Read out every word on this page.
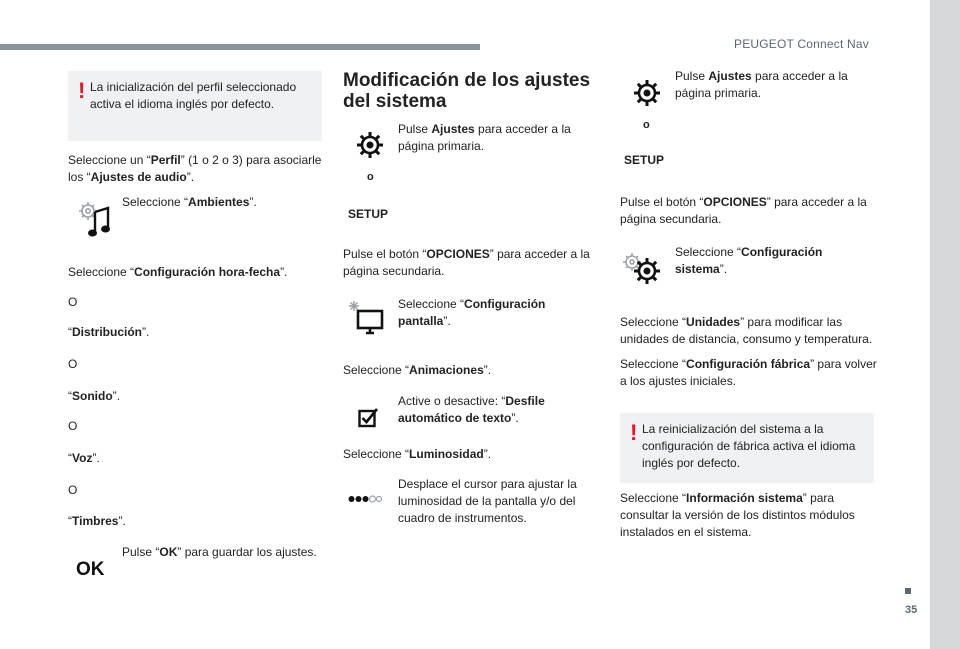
PEUGEOT Connect Nav
35
! La inicialización del perfil seleccionado activa el idioma inglés por defecto.
Seleccione un “Perfil” (1 o 2 o 3) para asociarle los “Ajustes de audio”.
Seleccione “Ambientes”.
Seleccione “Configuración hora-fecha”.
O
“Distribución”.
O
“Sonido”.
O
“Voz”.
O
“Timbres”.
OK
Pulse “OK” para guardar los ajustes.
Modificación de los ajustes del sistema
o
SETUP
Pulse Ajustes para acceder a la página primaria.
Pulse el botón “OPCIONES” para acceder a la página secundaria.
Seleccione “Configuración pantalla”.
Seleccione “Animaciones”.
Active o desactive: “Desfile automático de texto”.
Seleccione “Luminosidad”.
Desplace el cursor para ajustar la luminosidad de la pantalla y/o del cuadro de instrumentos.
o
SETUP
Pulse Ajustes para acceder a la página primaria.
Pulse el botón “OPCIONES” para acceder a la página secundaria.
Seleccione “Configuración sistema”.
Seleccione “Unidades” para modificar las unidades de distancia, consumo y temperatura.
Seleccione “Configuración fábrica” para volver a los ajustes iniciales.
! La reinicialización del sistema a la configuración de fábrica activa el idioma inglés por defecto.
Seleccione “Información sistema” para consultar la versión de los distintos módulos instalados en el sistema.
